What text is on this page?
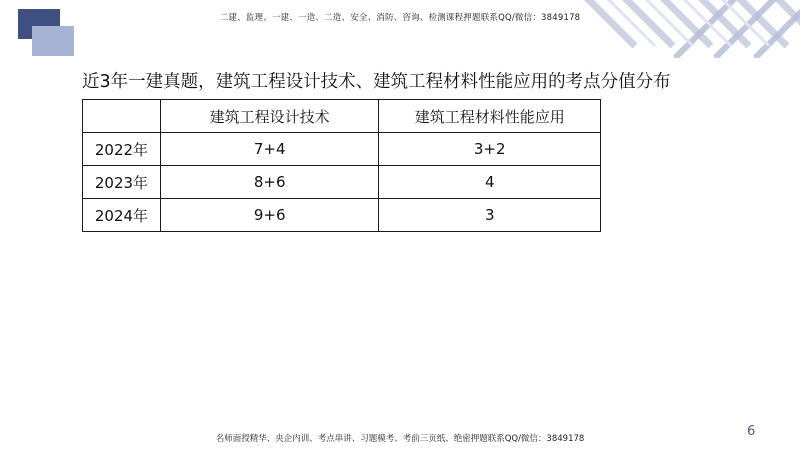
二建、监理、一建、一造、二造、安全、消防、咨询、检测课程押题联系QQ/微信：3849178
近3年一建真题，建筑工程设计技术、建筑工程材料性能应用的考点分值分布
	建筑工程设计技术	建筑工程材料性能应用
2022年	7+4	3+2
2023年	8+6	4
2024年	9+6	3
名师面授精华、央企内训、考点串讲、习题模考、考前三页纸、绝密押题联系QQ/微信：3849178	6
